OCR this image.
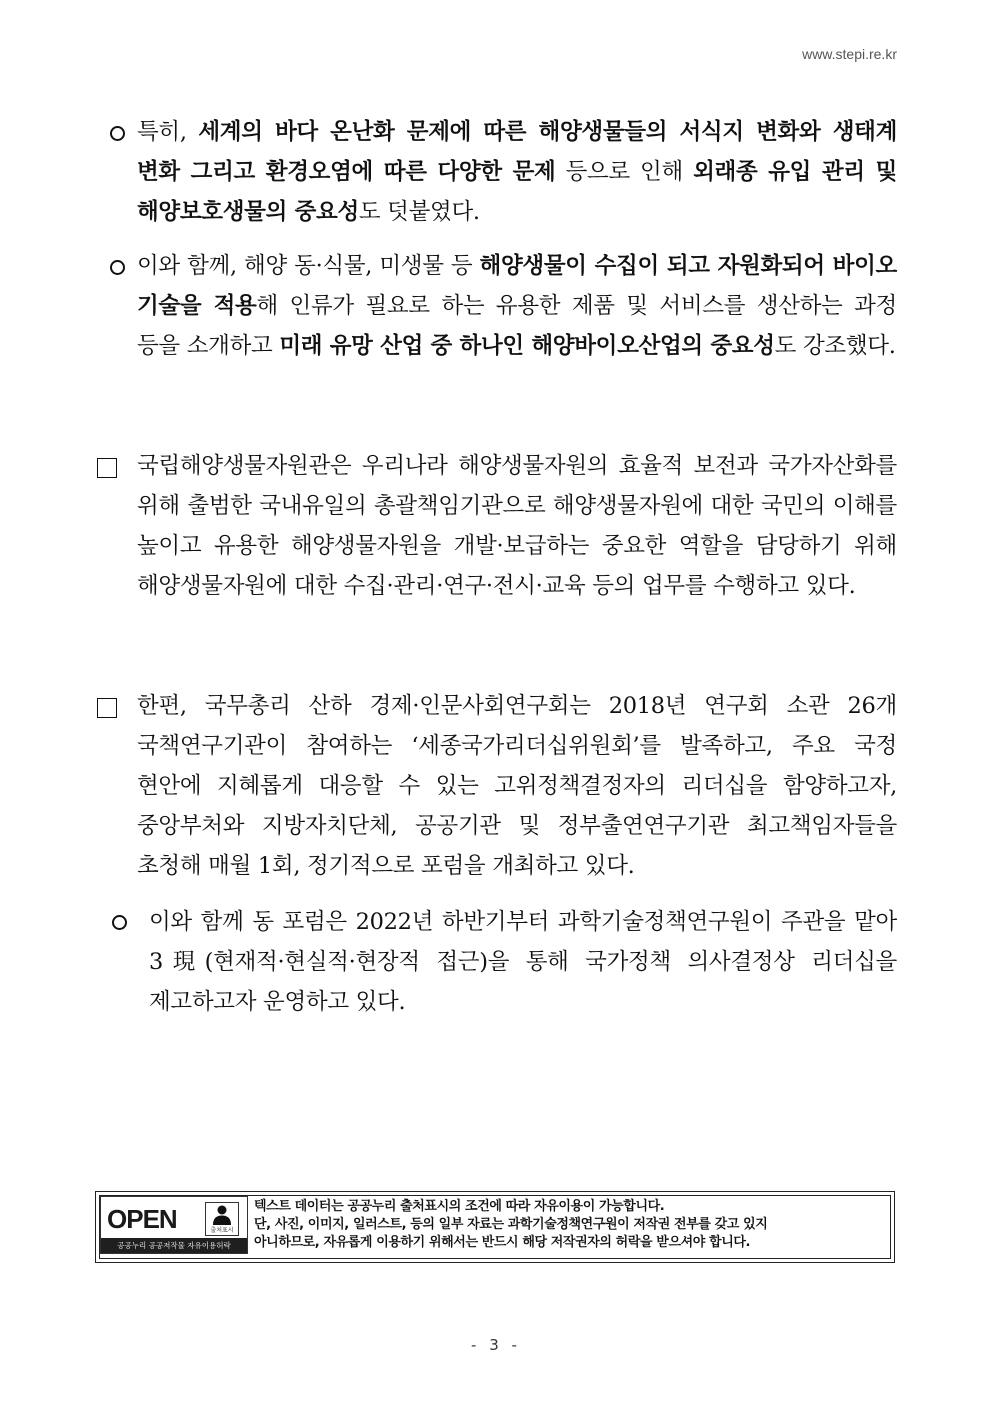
www.stepi.re.kr
특히, 세계의 바다 온난화 문제에 따른 해양생물들의 서식지 변화와 생태계 변화 그리고 환경오염에 따른 다양한 문제 등으로 인해 외래종 유입 관리 및 해양보호생물의 중요성도 덧붙였다.
이와 함께, 해양 동·식물, 미생물 등 해양생물이 수집이 되고 자원화되어 바이오 기술을 적용해 인류가 필요로 하는 유용한 제품 및 서비스를 생산하는 과정 등을 소개하고 미래 유망 산업 중 하나인 해양바이오산업의 중요성도 강조했다.
국립해양생물자원관은 우리나라 해양생물자원의 효율적 보전과 국가자산화를 위해 출범한 국내유일의 총괄책임기관으로 해양생물자원에 대한 국민의 이해를 높이고 유용한 해양생물자원을 개발·보급하는 중요한 역할을 담당하기 위해 해양생물자원에 대한 수집·관리·연구·전시·교육 등의 업무를 수행하고 있다.
한편, 국무총리 산하 경제·인문사회연구회는 2018년 연구회 소관 26개 국책연구기관이 참여하는 ‘세종국가리더십위원회’를 발족하고, 주요 국정 현안에 지혜롭게 대응할 수 있는 고위정책결정자의 리더십을 함양하고자, 중앙부처와 지방자치단체, 공공기관 및 정부출연연구기관 최고책임자들을 초청해 매월 1회, 정기적으로 포럼을 개최하고 있다.
이와 함께 동 포럼은 2022년 하반기부터 과학기술정책연구원이 주관을 맡아 3現(현재적·현실적·현장적 접근)을 통해 국가정책 의사결정상 리더십을 제고하고자 운영하고 있다.
OPEN	출처표시
공공누리 공공저작물 자유이용허락
텍스트 데이터는 공공누리 출처표시의 조건에 따라 자유이용이 가능합니다.
단, 사진, 이미지, 일러스트, 등의 일부 자료는 과학기술정책연구원이 저작권 전부를 갖고 있지
아니하므로, 자유롭게 이용하기 위해서는 반드시 해당 저작권자의 허락을 받으셔야 합니다.
- 3 -
